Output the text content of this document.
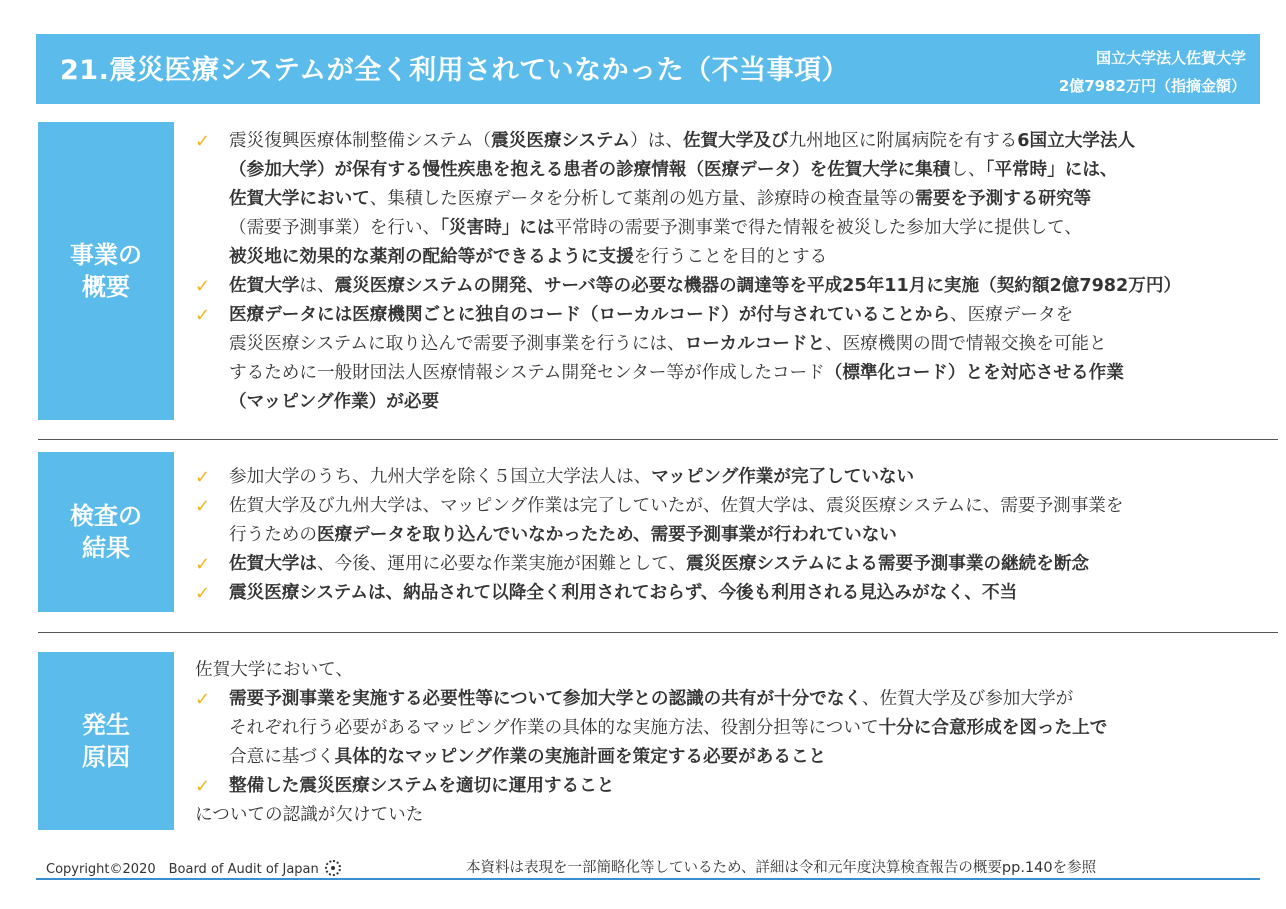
21.震災医療システムが全く利用されていなかった（不当事項）	国立大学法人佐賀大学
2億7982万円（指摘金額）
事業の
概要
✓ 震災復興医療体制整備システム（震災医療システム）は、佐賀大学及び九州地区に附属病院を有する6国立大学法人
（参加大学）が保有する慢性疾患を抱える患者の診療情報（医療データ）を佐賀大学に集積し、「平常時」には、
佐賀大学において、集積した医療データを分析して薬剤の処方量、診療時の検査量等の需要を予測する研究等
（需要予測事業）を行い、「災害時」には平常時の需要予測事業で得た情報を被災した参加大学に提供して、
被災地に効果的な薬剤の配給等ができるように支援を行うことを目的とする
✓ 佐賀大学は、震災医療システムの開発、サーバ等の必要な機器の調達等を平成25年11月に実施（契約額2億7982万円）
✓ 医療データには医療機関ごとに独自のコード（ローカルコード）が付与されていることから、医療データを
震災医療システムに取り込んで需要予測事業を行うには、ローカルコードと、医療機関の間で情報交換を可能と
するために一般財団法人医療情報システム開発センター等が作成したコード（標準化コード）とを対応させる作業
（マッピング作業）が必要
検査の
結果
✓ 参加大学のうち、九州大学を除く５国立大学法人は、マッピング作業が完了していない
✓ 佐賀大学及び九州大学は、マッピング作業は完了していたが、佐賀大学は、震災医療システムに、需要予測事業を
行うための医療データを取り込んでいなかったため、需要予測事業が行われていない
✓ 佐賀大学は、今後、運用に必要な作業実施が困難として、震災医療システムによる需要予測事業の継続を断念
✓ 震災医療システムは、納品されて以降全く利用されておらず、今後も利用される見込みがなく、不当
発生
原因
佐賀大学において、
✓ 需要予測事業を実施する必要性等について参加大学との認識の共有が十分でなく、佐賀大学及び参加大学が
それぞれ行う必要があるマッピング作業の具体的な実施方法、役割分担等について十分に合意形成を図った上で
合意に基づく具体的なマッピング作業の実施計画を策定する必要があること
✓ 整備した震災医療システムを適切に運用すること
についての認識が欠けていた
Copyright©2020　Board of Audit of Japan	本資料は表現を一部簡略化等しているため、詳細は令和元年度決算検査報告の概要pp.140を参照
